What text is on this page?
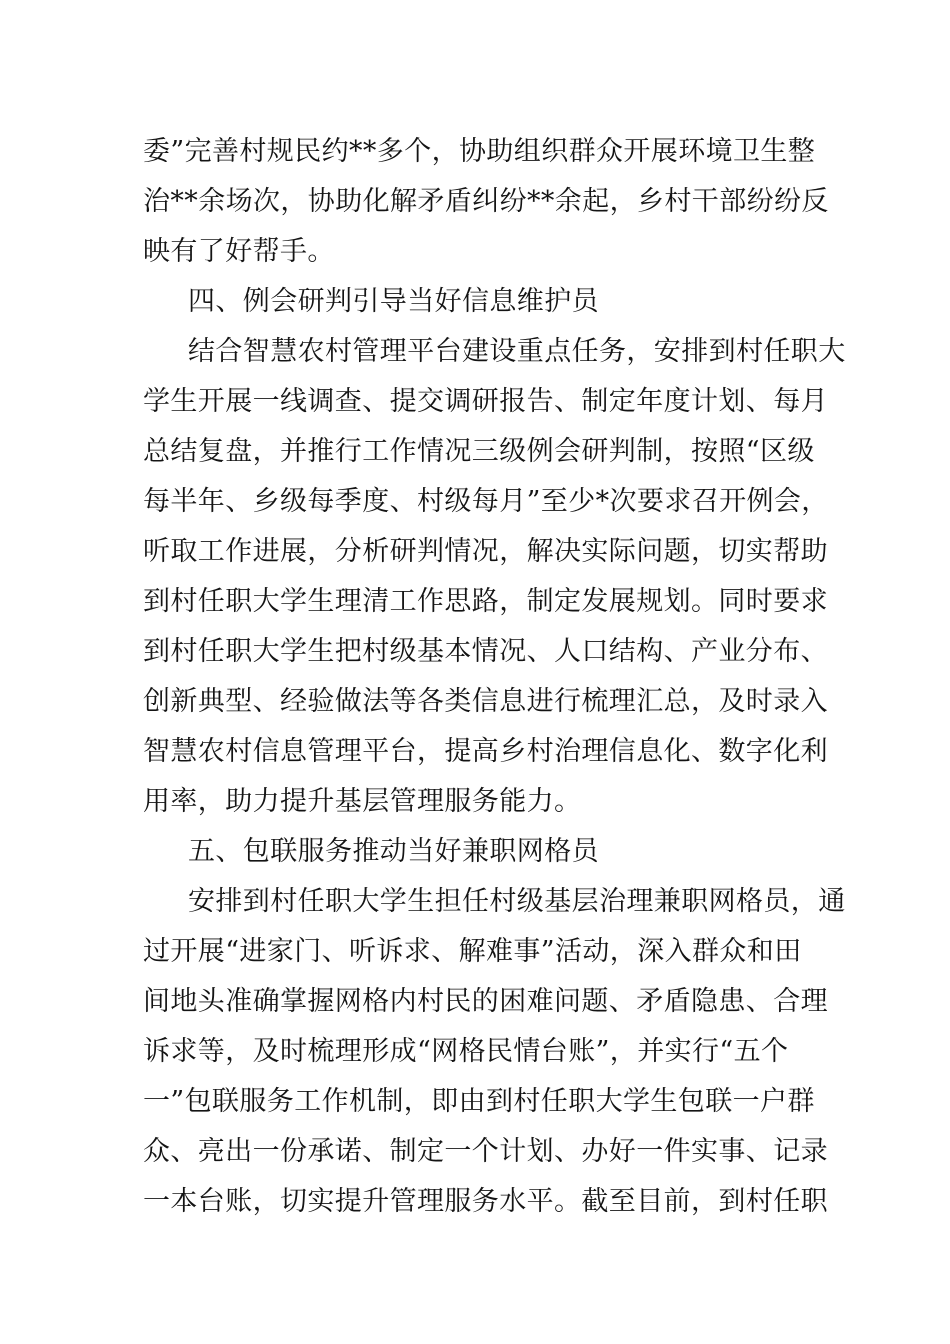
委”完善村规民约**多个，协助组织群众开展环境卫生整
治**余场次，协助化解矛盾纠纷**余起，乡村干部纷纷反
映有了好帮手。
四、例会研判引导当好信息维护员
结合智慧农村管理平台建设重点任务，安排到村任职大
学生开展一线调查、提交调研报告、制定年度计划、每月
总结复盘，并推行工作情况三级例会研判制，按照“区级
每半年、乡级每季度、村级每月”至少*次要求召开例会，
听取工作进展，分析研判情况，解决实际问题，切实帮助
到村任职大学生理清工作思路，制定发展规划。同时要求
到村任职大学生把村级基本情况、人口结构、产业分布、
创新典型、经验做法等各类信息进行梳理汇总，及时录入
智慧农村信息管理平台，提高乡村治理信息化、数字化利
用率，助力提升基层管理服务能力。
五、包联服务推动当好兼职网格员
安排到村任职大学生担任村级基层治理兼职网格员，通
过开展“进家门、听诉求、解难事”活动，深入群众和田
间地头准确掌握网格内村民的困难问题、矛盾隐患、合理
诉求等，及时梳理形成“网格民情台账”，并实行“五个
一”包联服务工作机制，即由到村任职大学生包联一户群
众、亮出一份承诺、制定一个计划、办好一件实事、记录
一本台账，切实提升管理服务水平。截至目前，到村任职
